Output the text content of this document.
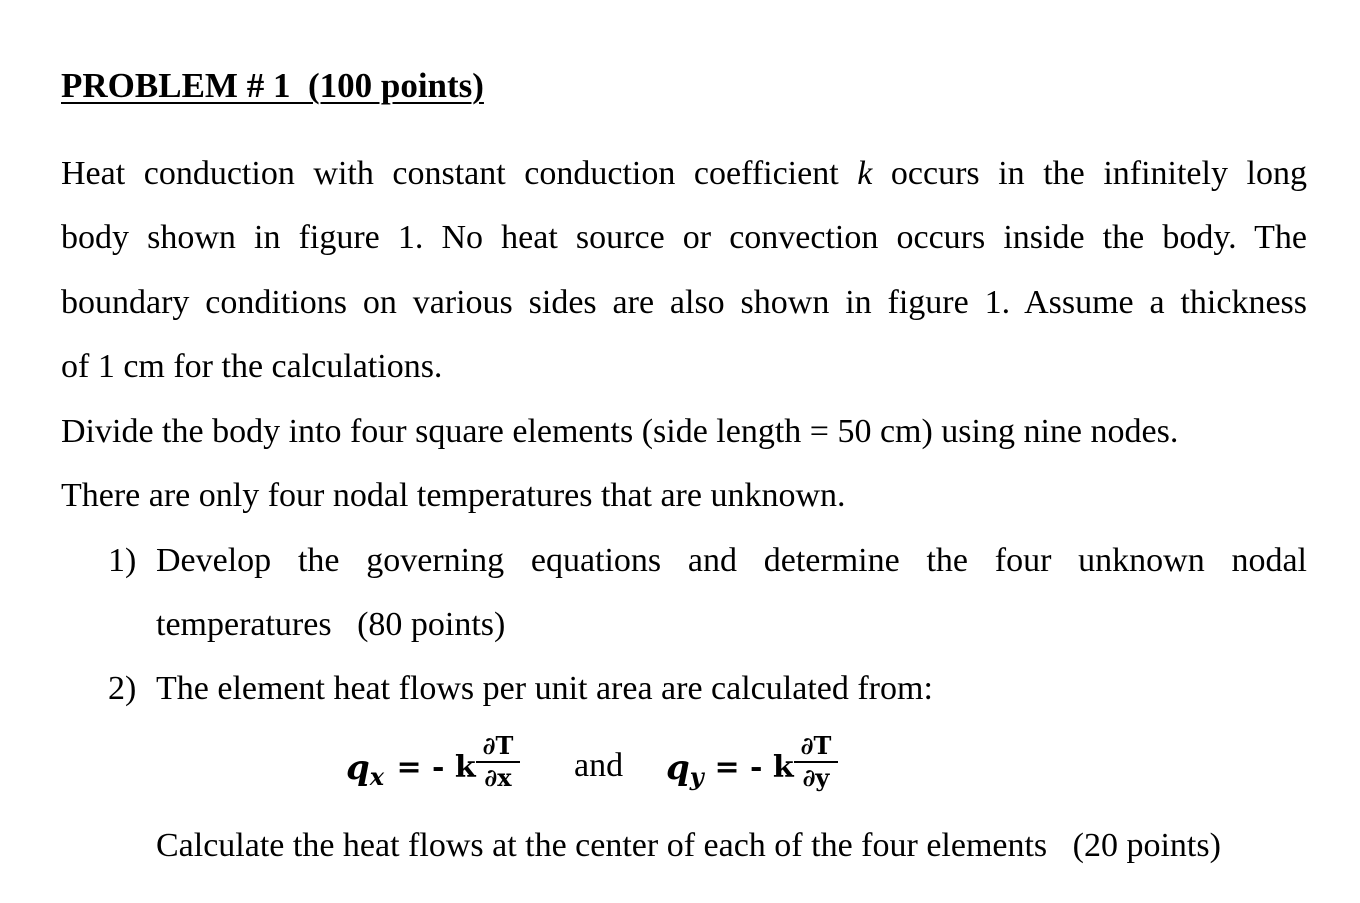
PROBLEM # 1  (100 points)
Heat conduction with constant conduction coefficient k occurs in the infinitely long
body shown in figure 1. No heat source or convection occurs inside the body. The
boundary conditions on various sides are also shown in figure 1. Assume a thickness
of 1 cm for the calculations.
Divide the body into four square elements (side length = 50 cm) using nine nodes.
There are only four nodal temperatures that are unknown.
1) Develop the governing equations and determine the four unknown nodal
temperatures   (80 points)
2) The element heat flows per unit area are calculated from:
qx = - k
∂T
∂x and qy = - k
∂T
∂y
Calculate the heat flows at the center of each of the four elements   (20 points)
